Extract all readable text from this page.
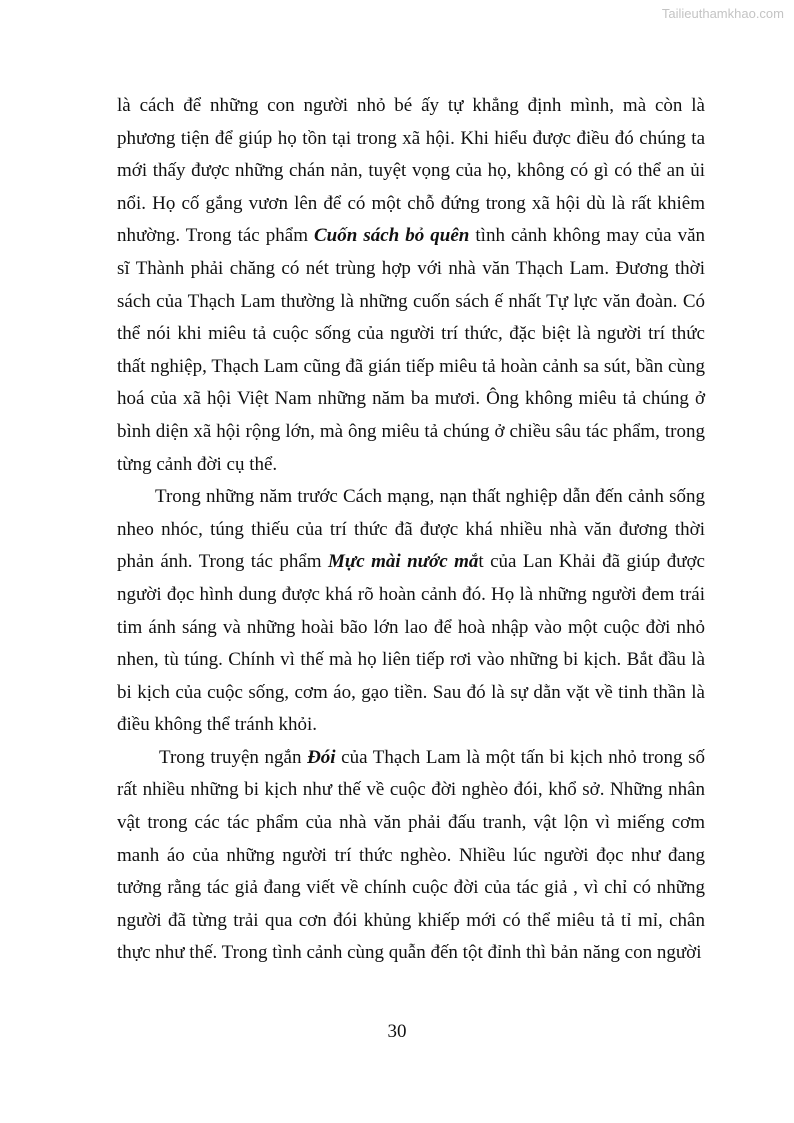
Tailieuthamkhao.com

là cách để những con người nhỏ bé ấy tự khẳng định mình, mà còn là phương tiện để giúp họ tồn tại trong xã hội. Khi hiểu được điều đó chúng ta mới thấy được những chán nản, tuyệt vọng của họ, không có gì có thể an ủi nổi. Họ cố gắng vươn lên để có một chỗ đứng trong xã hội dù là rất khiêm nhường. Trong tác phẩm Cuốn sách bỏ quên tình cảnh không may của văn sĩ Thành phải chăng có nét trùng hợp với nhà văn Thạch Lam. Đương thời sách của Thạch Lam thường là những cuốn sách ế nhất Tự lực văn đoàn. Có thể nói khi miêu tả cuộc sống của người trí thức, đặc biệt là người trí thức thất nghiệp, Thạch Lam cũng đã gián tiếp miêu tả hoàn cảnh sa sút, bần cùng hoá của xã hội Việt Nam những năm ba mươi. Ông không miêu tả chúng ở bình diện xã hội rộng lớn, mà ông miêu tả chúng ở chiều sâu tác phẩm, trong từng cảnh đời cụ thể.

Trong những năm trước Cách mạng, nạn thất nghiệp dẫn đến cảnh sống nheo nhóc, túng thiếu của trí thức đã được khá nhiều nhà văn đương thời phản ánh. Trong tác phẩm Mực mài nước mắt của Lan Khải đã giúp được người đọc hình dung được khá rõ hoàn cảnh đó. Họ là những người đem trái tim ánh sáng và những hoài bão lớn lao để hoà nhập vào một cuộc đời nhỏ nhen, tù túng. Chính vì thế mà họ liên tiếp rơi vào những bi kịch. Bắt đầu là bi kịch của cuộc sống, cơm áo, gạo tiền. Sau đó là sự dằn vặt về tinh thần là điều không thể tránh khỏi.

Trong truyện ngắn Đói của Thạch Lam là một tấn bi kịch nhỏ trong số rất nhiều những bi kịch như thế về cuộc đời nghèo đói, khổ sở. Những nhân vật trong các tác phẩm của nhà văn phải đấu tranh, vật lộn vì miếng cơm manh áo của những người trí thức nghèo. Nhiều lúc người đọc như đang tưởng rằng tác giả đang viết về chính cuộc đời của tác giả , vì chỉ có những người đã từng trải qua cơn đói khủng khiếp mới có thể miêu tả tỉ mỉ, chân thực như thế. Trong tình cảnh cùng quẫn đến tột đỉnh thì bản năng con người

30
